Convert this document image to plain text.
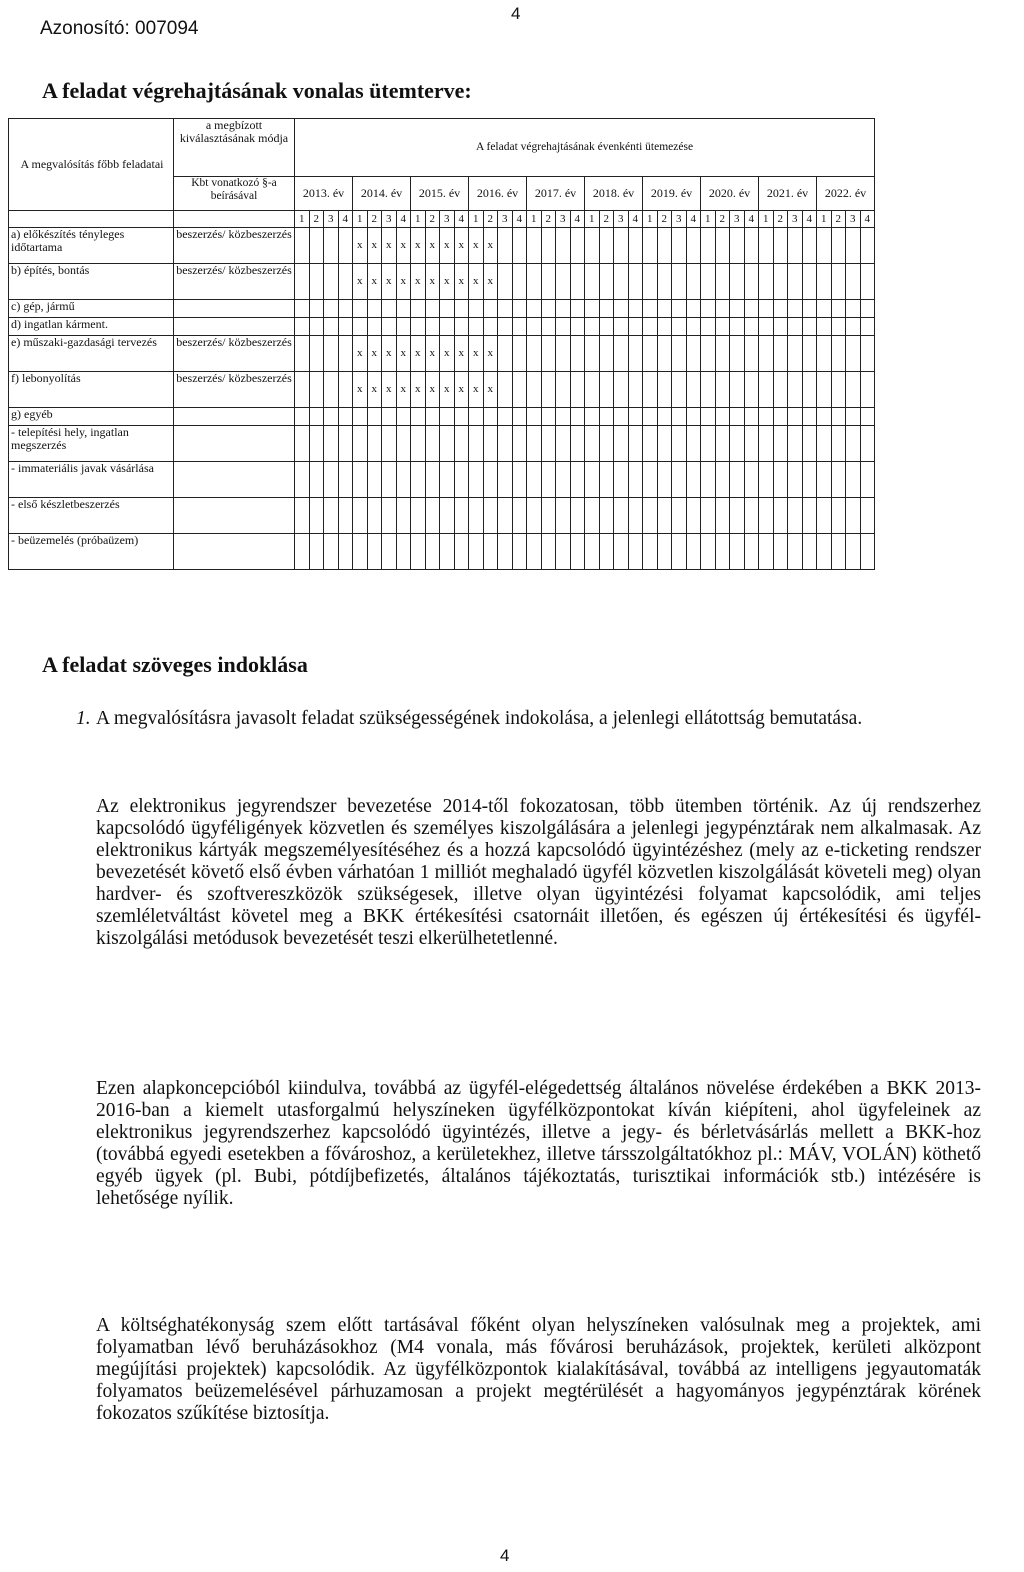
Azonosító: 007094
4
A feladat végrehajtásának vonalas ütemterve:
A megvalósítás főbb feladatai	a megbízott kiválasztásának módja	A feladat végrehajtásának évenkénti ütemezése																																							
	Kbt vonatkozó §-a beírásával	2013. év				2014. év				2015. év				2016. év				2017. év				2018. év				2019. év				2020. év				2021. év				2022. év			
		1	2	3	4	1	2	3	4	1	2	3	4	1	2	3	4	1	2	3	4	1	2	3	4	1	2	3	4	1	2	3	4	1	2	3	4	1	2	3	4
a) előkészítés tényleges időtartama	beszerzés/ közbeszerzés					x	x	x	x	x	x	x	x	x	x																										
b) építés, bontás	beszerzés/ közbeszerzés					x	x	x	x	x	x	x	x	x	x																										
c) gép, jármű																																									
d) ingatlan kárment.																																									
e) műszaki-gazdasági tervezés	beszerzés/ közbeszerzés					x	x	x	x	x	x	x	x	x	x																										
f) lebonyolítás	beszerzés/ közbeszerzés					x	x	x	x	x	x	x	x	x	x																										
g) egyéb																																									
- telepítési hely, ingatlan megszerzés																																									
- immateriális javak vásárlása																																									
- első készletbeszerzés																																									
- beüzemelés (próbaüzem)																																									
A feladat szöveges indoklása
1. A megvalósításra javasolt feladat szükségességének indokolása, a jelenlegi ellátottság bemutatása.

Az elektronikus jegyrendszer bevezetése 2014-től fokozatosan, több ütemben történik. Az új rendszerhez kapcsolódó ügyféligények közvetlen és személyes kiszolgálására a jelenlegi jegypénztárak nem alkalmasak. Az elektronikus kártyák megszemélyesítéséhez és a hozzá kapcsolódó ügyintézéshez (mely az e-ticketing rendszer bevezetését követő első évben várhatóan 1 milliót meghaladó ügyfél közvetlen kiszolgálását követeli meg) olyan hardver- és szoftvereszközök szükségesek, illetve olyan ügyintézési folyamat kapcsolódik, ami teljes szemléletváltást követel meg a BKK értékesítési csatornáit illetően, és egészen új értékesítési és ügyfél-kiszolgálási metódusok bevezetését teszi elkerülhetetlenné.

Ezen alapkoncepcióból kiindulva, továbbá az ügyfél-elégedettség általános növelése érdekében a BKK 2013-2016-ban a kiemelt utasforgalmú helyszíneken ügyfélközpontokat kíván kiépíteni, ahol ügyfeleinek az elektronikus jegyrendszerhez kapcsolódó ügyintézés, illetve a jegy- és bérletvásárlás mellett a BKK-hoz (továbbá egyedi esetekben a fővároshoz, a kerületekhez, illetve társszolgáltatókhoz pl.: MÁV, VOLÁN) köthető egyéb ügyek (pl. Bubi, pótdíjbefizetés, általános tájékoztatás, turisztikai információk stb.) intézésére is lehetősége nyílik.

A költséghatékonyság szem előtt tartásával főként olyan helyszíneken valósulnak meg a projektek, ami folyamatban lévő beruházásokhoz (M4 vonala, más fővárosi beruházások, projektek, kerületi alközpont megújítási projektek) kapcsolódik. Az ügyfélközpontok kialakításával, továbbá az intelligens jegyautomaták folyamatos beüzemelésével párhuzamosan a projekt megtérülését a hagyományos jegypénztárak körének fokozatos szűkítése biztosítja.

4
